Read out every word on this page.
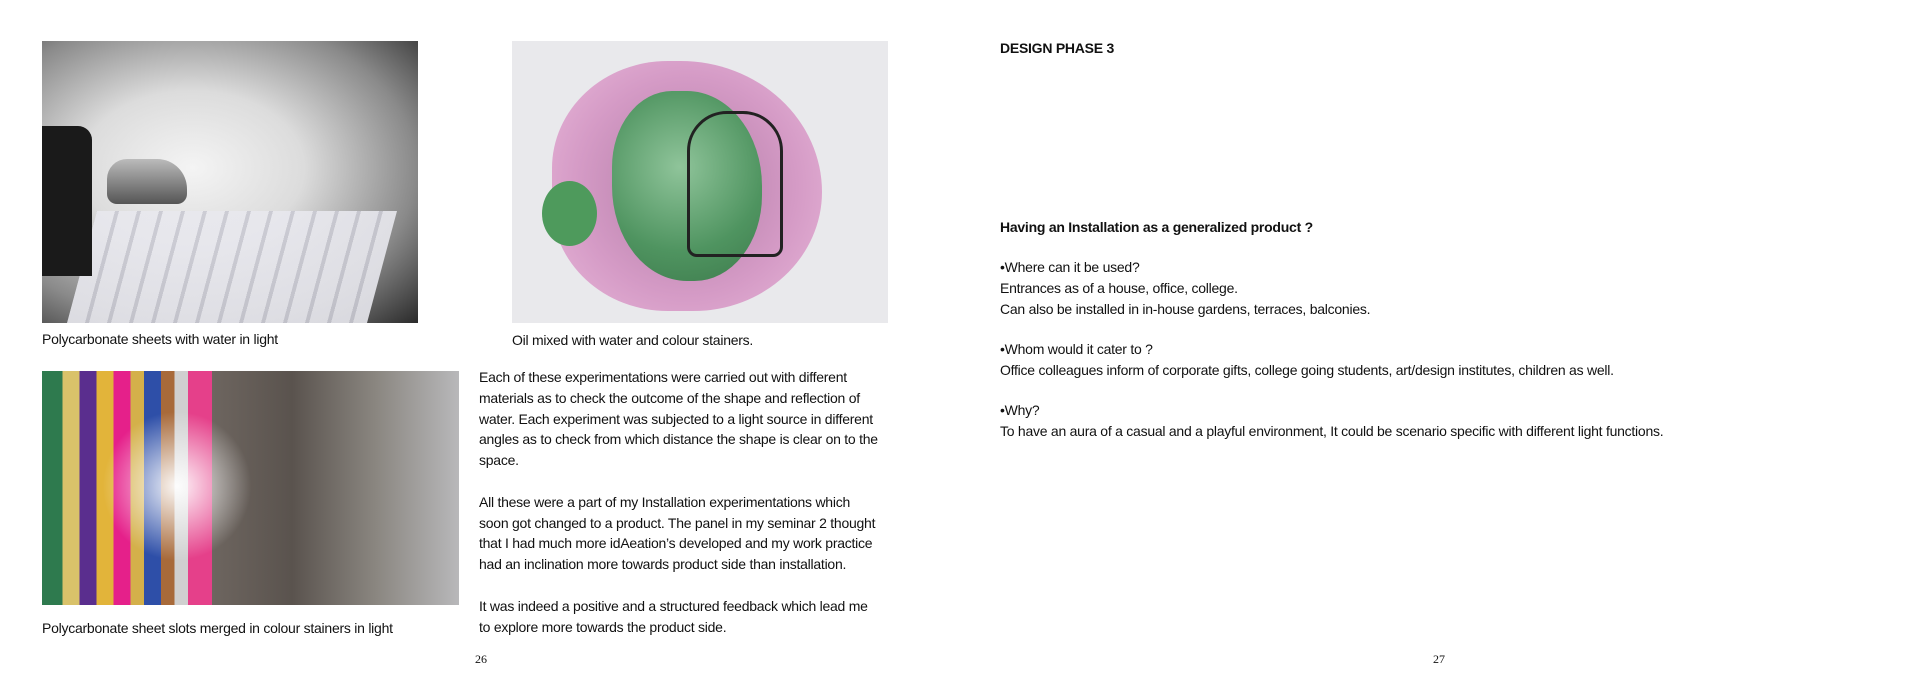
Polycarbonate sheets with water in light	Oil mixed with water and colour stainers.
Polycarbonate sheet slots merged in colour stainers in light
Each of these experimentations were carried out with different
materials as to check the outcome of the shape and reflection of
water. Each experiment was subjected to a light source in different
angles as to check from which distance the shape is clear on to the
space.
All these were a part of my Installation experimentations which
soon got changed to a product. The panel in my seminar 2 thought
that I had much more idAeation’s developed and my work practice
had an inclination more towards product side than installation.
It was indeed a positive and a structured feedback which lead me
to explore more towards the product side.
26
DESIGN PHASE 3
Having an Installation as a generalized product ?
•Where can it be used?
Entrances as of a house, office, college.
Can also be installed in in-house gardens, terraces, balconies.
•Whom would it cater to ?
Office colleagues inform of corporate gifts, college going students, art/design institutes, children as well.
•Why?
To have an aura of a casual and a playful environment, It could be scenario specific with different light functions.
27
